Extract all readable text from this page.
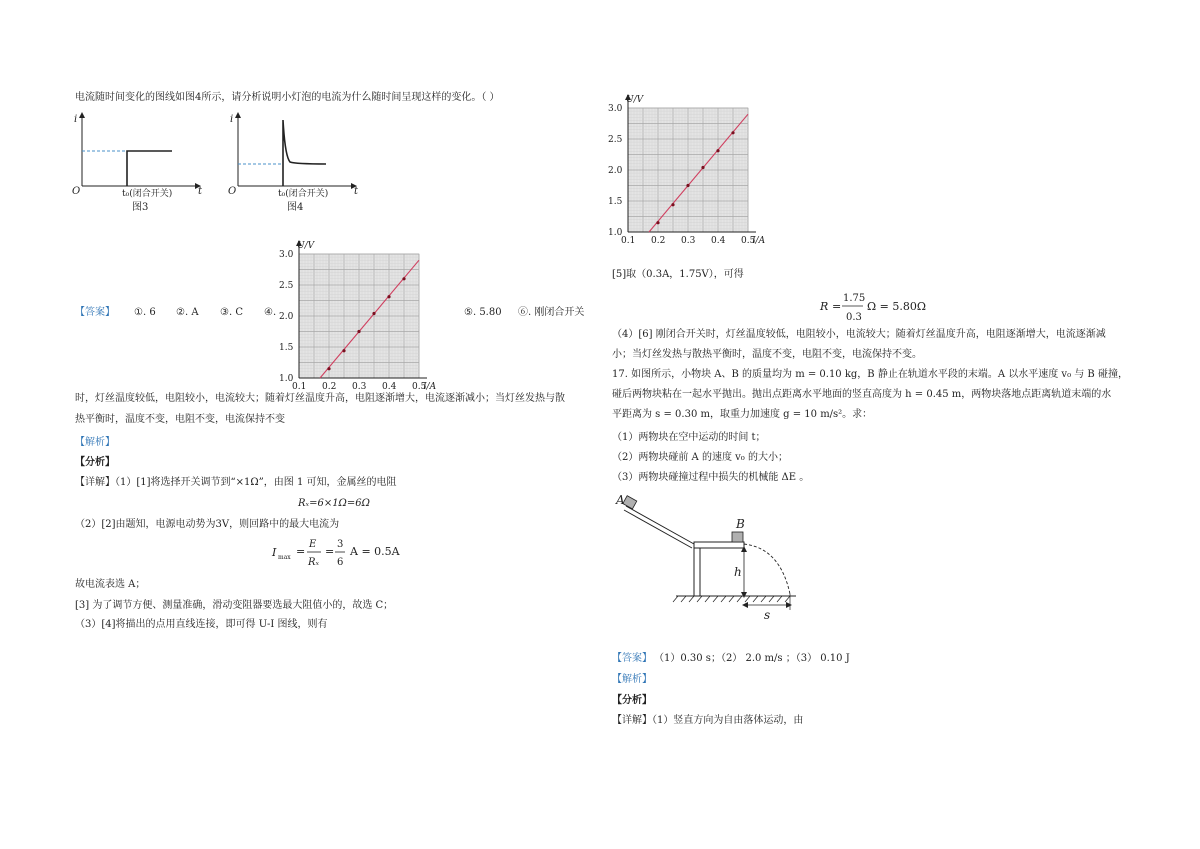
电流随时间变化的图线如图4所示，请分析说明小灯泡的电流为什么随时间呈现这样的变化。（ ）
i
O	t₀(闭合开关)	t
图3
i
O	t₀(闭合开关)	t
图4
【答案】 ①. 6 ②. A ③. C ④.	⑤. 5.80 ⑥. 刚闭合开关
3.0
2.5
2.0
1.5
1.0
0.1 0.2 0.3 0.4 0.5
U/V
I/A
时，灯丝温度较低，电阻较小，电流较大；随着灯丝温度升高，电阻逐渐增大，电流逐渐减小；当灯丝发热与散
热平衡时，温度不变，电阻不变，电流保持不变
【解析】
【分析】
【详解】（1）[1]将选择开关调节到“×1Ω”，由图 1 可知，金属丝的电阻
Rₓ=6×1Ω=6Ω
（2）[2]由题知，电源电动势为3V，则回路中的最大电流为
I max =
E
Rₓ
=
3
6
A = 0.5A
故电流表选 A；
[3] 为了调节方便、测量准确，滑动变阻器要选最大阻值小的，故选 C；
（3）[4]将描出的点用直线连接，即可得 U-I 图线，则有
3.0
2.5
2.0
1.5
1.0
0.1 0.2 0.3 0.4 0.5
U/V
I/A
[5]取（0.3A，1.75V），可得
R =
1.75
0.3
Ω = 5.80Ω
（4）[6] 刚闭合开关时，灯丝温度较低，电阻较小，电流较大；随着灯丝温度升高，电阻逐渐增大，电流逐渐减
小；当灯丝发热与散热平衡时，温度不变，电阻不变，电流保持不变。
17. 如图所示，小物块 A、B 的质量均为 m = 0.10 kg，B 静止在轨道水平段的末端。A 以水平速度 v₀ 与 B 碰撞，
碰后两物块粘在一起水平抛出。抛出点距离水平地面的竖直高度为 h = 0.45 m，两物块落地点距离轨道末端的水
平距离为 s = 0.30 m，取重力加速度 g = 10 m/s²。求：
（1）两物块在空中运动的时间 t；
（2）两物块碰前 A 的速度 v₀ 的大小；
（3）两物块碰撞过程中损失的机械能 ΔE 。
A
B
h
s
【答案】 （1）0.30 s；（2） 2.0 m/s ；（3） 0.10 J
【解析】
【分析】
【详解】（1）竖直方向为自由落体运动，由
